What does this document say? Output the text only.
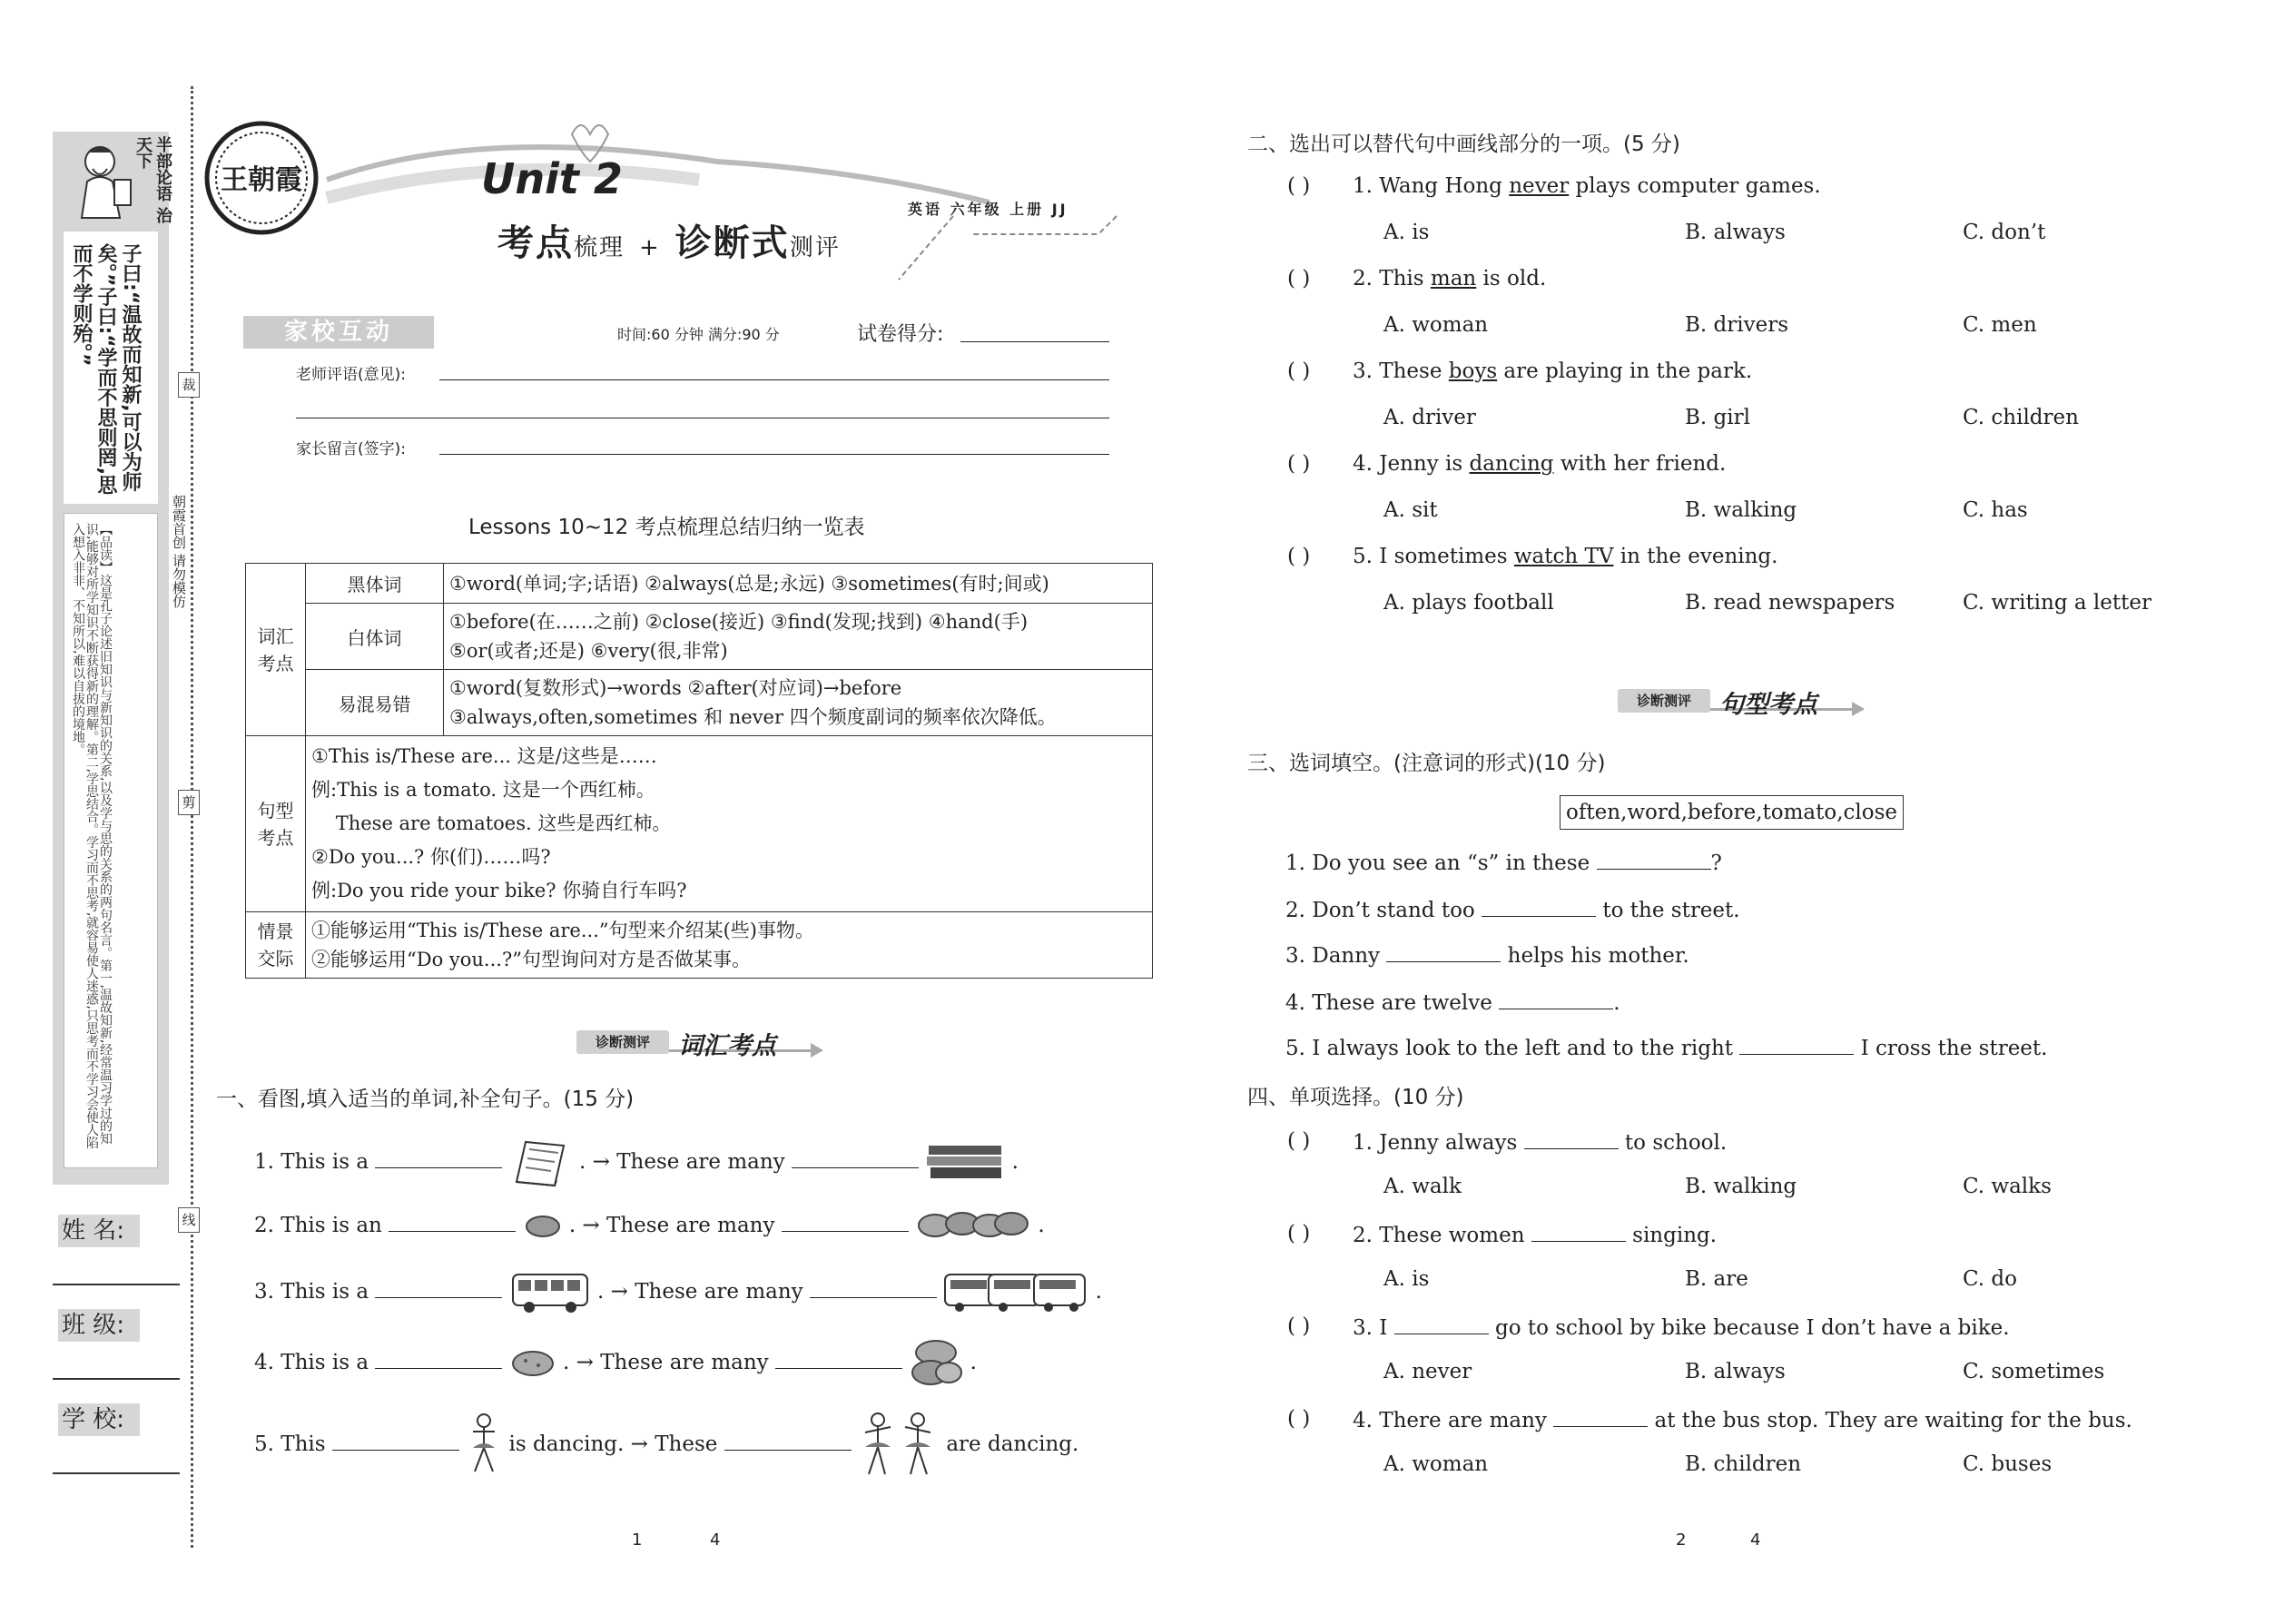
半部论语 治天下
子曰:“温故而知新,可以为师矣。”子曰:“学而不思则罔,思而不学则殆。”
【品读】这是孔子论述旧知识与新知识的关系,以及学与思的关系的两句名言。第一,温故知新,经常温习学过的知识,能够对所学知识不断获得新的理解。第二,学思结合。学习而不思考,就容易使人迷惑,只思考而不学习会使人陷入想入非非、不知所以,难以自拔的境地。
姓 名:
班 级:
学 校:
裁
剪
线
朝霞首创 请勿模仿
王朝霞	Unit 2
考点梳理 + 诊断式测评
英语 六年级 上册 JJ
家校互动	时间:60 分钟 满分:90 分	试卷得分:
老师评语(意见):
家长留言(签字):
Lessons 10~12 考点梳理总结归纳一览表
词汇考点	黑体词	①word(单词;字;话语) ②always(总是;永远) ③sometimes(有时;间或)

	白体词	①before(在……之前) ②close(接近) ③find(发现;找到) ④hand(手)
⑤or(或者;还是) ⑥very(很,非常)

	易混易错	①word(复数形式)→words ②after(对应词)→before
③always,often,sometimes 和 never 四个频度副词的频率依次降低。

句型考点	①This is/These are... 这是/这些是……
例:This is a tomato. 这是一个西红柿。
These are tomatoes. 这些是西红柿。
②Do you...? 你(们)……吗?
例:Do you ride your bike? 你骑自行车吗?	

情景交际	①能够运用“This is/These are...”句型来介绍某(些)事物。
②能够运用“Do you...?”句型询问对方是否做某事。	
诊断测评	词汇考点
一、看图,填入适当的单词,补全句子。(15 分)
1. This is a	. → These are many	.
2. This is an	. → These are many	.
3. This is a	. → These are many	.
4. This is a	. → These are many	.
5. This	is dancing. → These	are dancing.
1	4
二、选出可以替代句中画线部分的一项。(5 分)
( ) 1. Wang Hong never plays computer games.
A. is	B. always	C. don’t
( ) 2. This man is old.
A. woman	B. drivers	C. men
( ) 3. These boys are playing in the park.
A. driver	B. girl	C. children
( ) 4. Jenny is dancing with her friend.
A. sit	B. walking	C. has
( ) 5. I sometimes watch TV in the evening.
A. plays football	B. read newspapers	C. writing a letter
诊断测评	句型考点
三、选词填空。(注意词的形式)(10 分)
often,word,before,tomato,close
1. Do you see an “s” in these	?
2. Don’t stand too	to the street.
3. Danny	helps his mother.
4. These are twelve	.
5. I always look to the left and to the right	I cross the street.
四、单项选择。(10 分)
( ) 1. Jenny always	to school.
A. walk	B. walking	C. walks
( ) 2. These women	singing.
A. is	B. are	C. do
( ) 3. I	go to school by bike because I don’t have a bike.
A. never	B. always	C. sometimes
( ) 4. There are many	at the bus stop. They are waiting for the bus.
A. woman	B. children	C. buses
2	4
